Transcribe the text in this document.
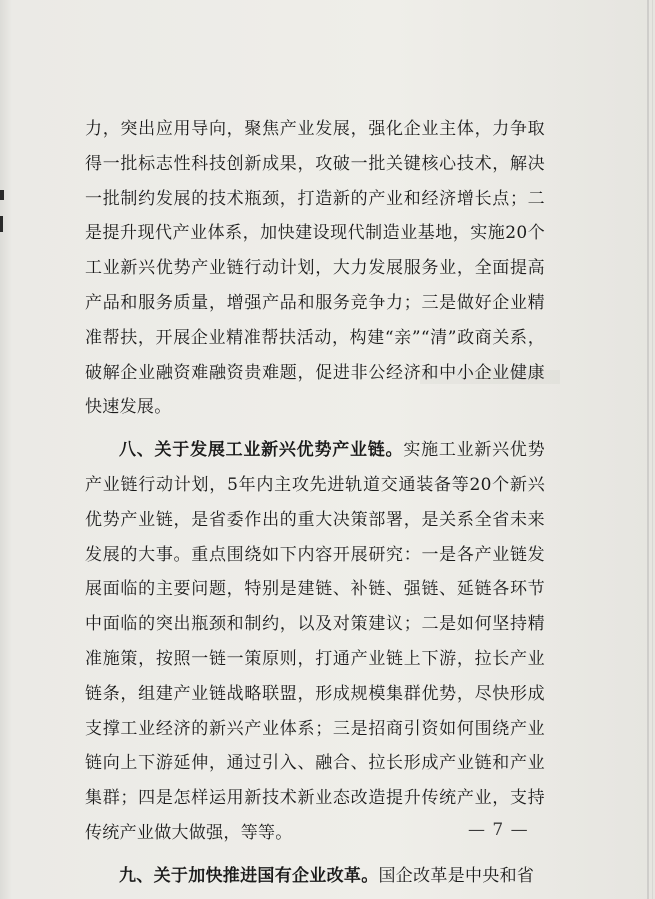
力，突出应用导向，聚焦产业发展，强化企业主体，力争取得一批标志性科技创新成果，攻破一批关键核心技术，解决一批制约发展的技术瓶颈，打造新的产业和经济增长点；二是提升现代产业体系，加快建设现代制造业基地，实施20个工业新兴优势产业链行动计划，大力发展服务业，全面提高产品和服务质量，增强产品和服务竞争力；三是做好企业精准帮扶，开展企业精准帮扶活动，构建“亲”“清”政商关系，破解企业融资难融资贵难题，促进非公经济和中小企业健康快速发展。

八、关于发展工业新兴优势产业链。实施工业新兴优势产业链行动计划，5年内主攻先进轨道交通装备等20个新兴优势产业链，是省委作出的重大决策部署，是关系全省未来发展的大事。重点围绕如下内容开展研究：一是各产业链发展面临的主要问题，特别是建链、补链、强链、延链各环节中面临的突出瓶颈和制约，以及对策建议；二是如何坚持精准施策，按照一链一策原则，打通产业链上下游，拉长产业链条，组建产业链战略联盟，形成规模集群优势，尽快形成支撑工业经济的新兴产业体系；三是招商引资如何围绕产业链向上下游延伸，通过引入、融合、拉长形成产业链和产业集群；四是怎样运用新技术新业态改造提升传统产业，支持传统产业做大做强，等等。

九、关于加快推进国有企业改革。国企改革是中央和省

— 7 —
